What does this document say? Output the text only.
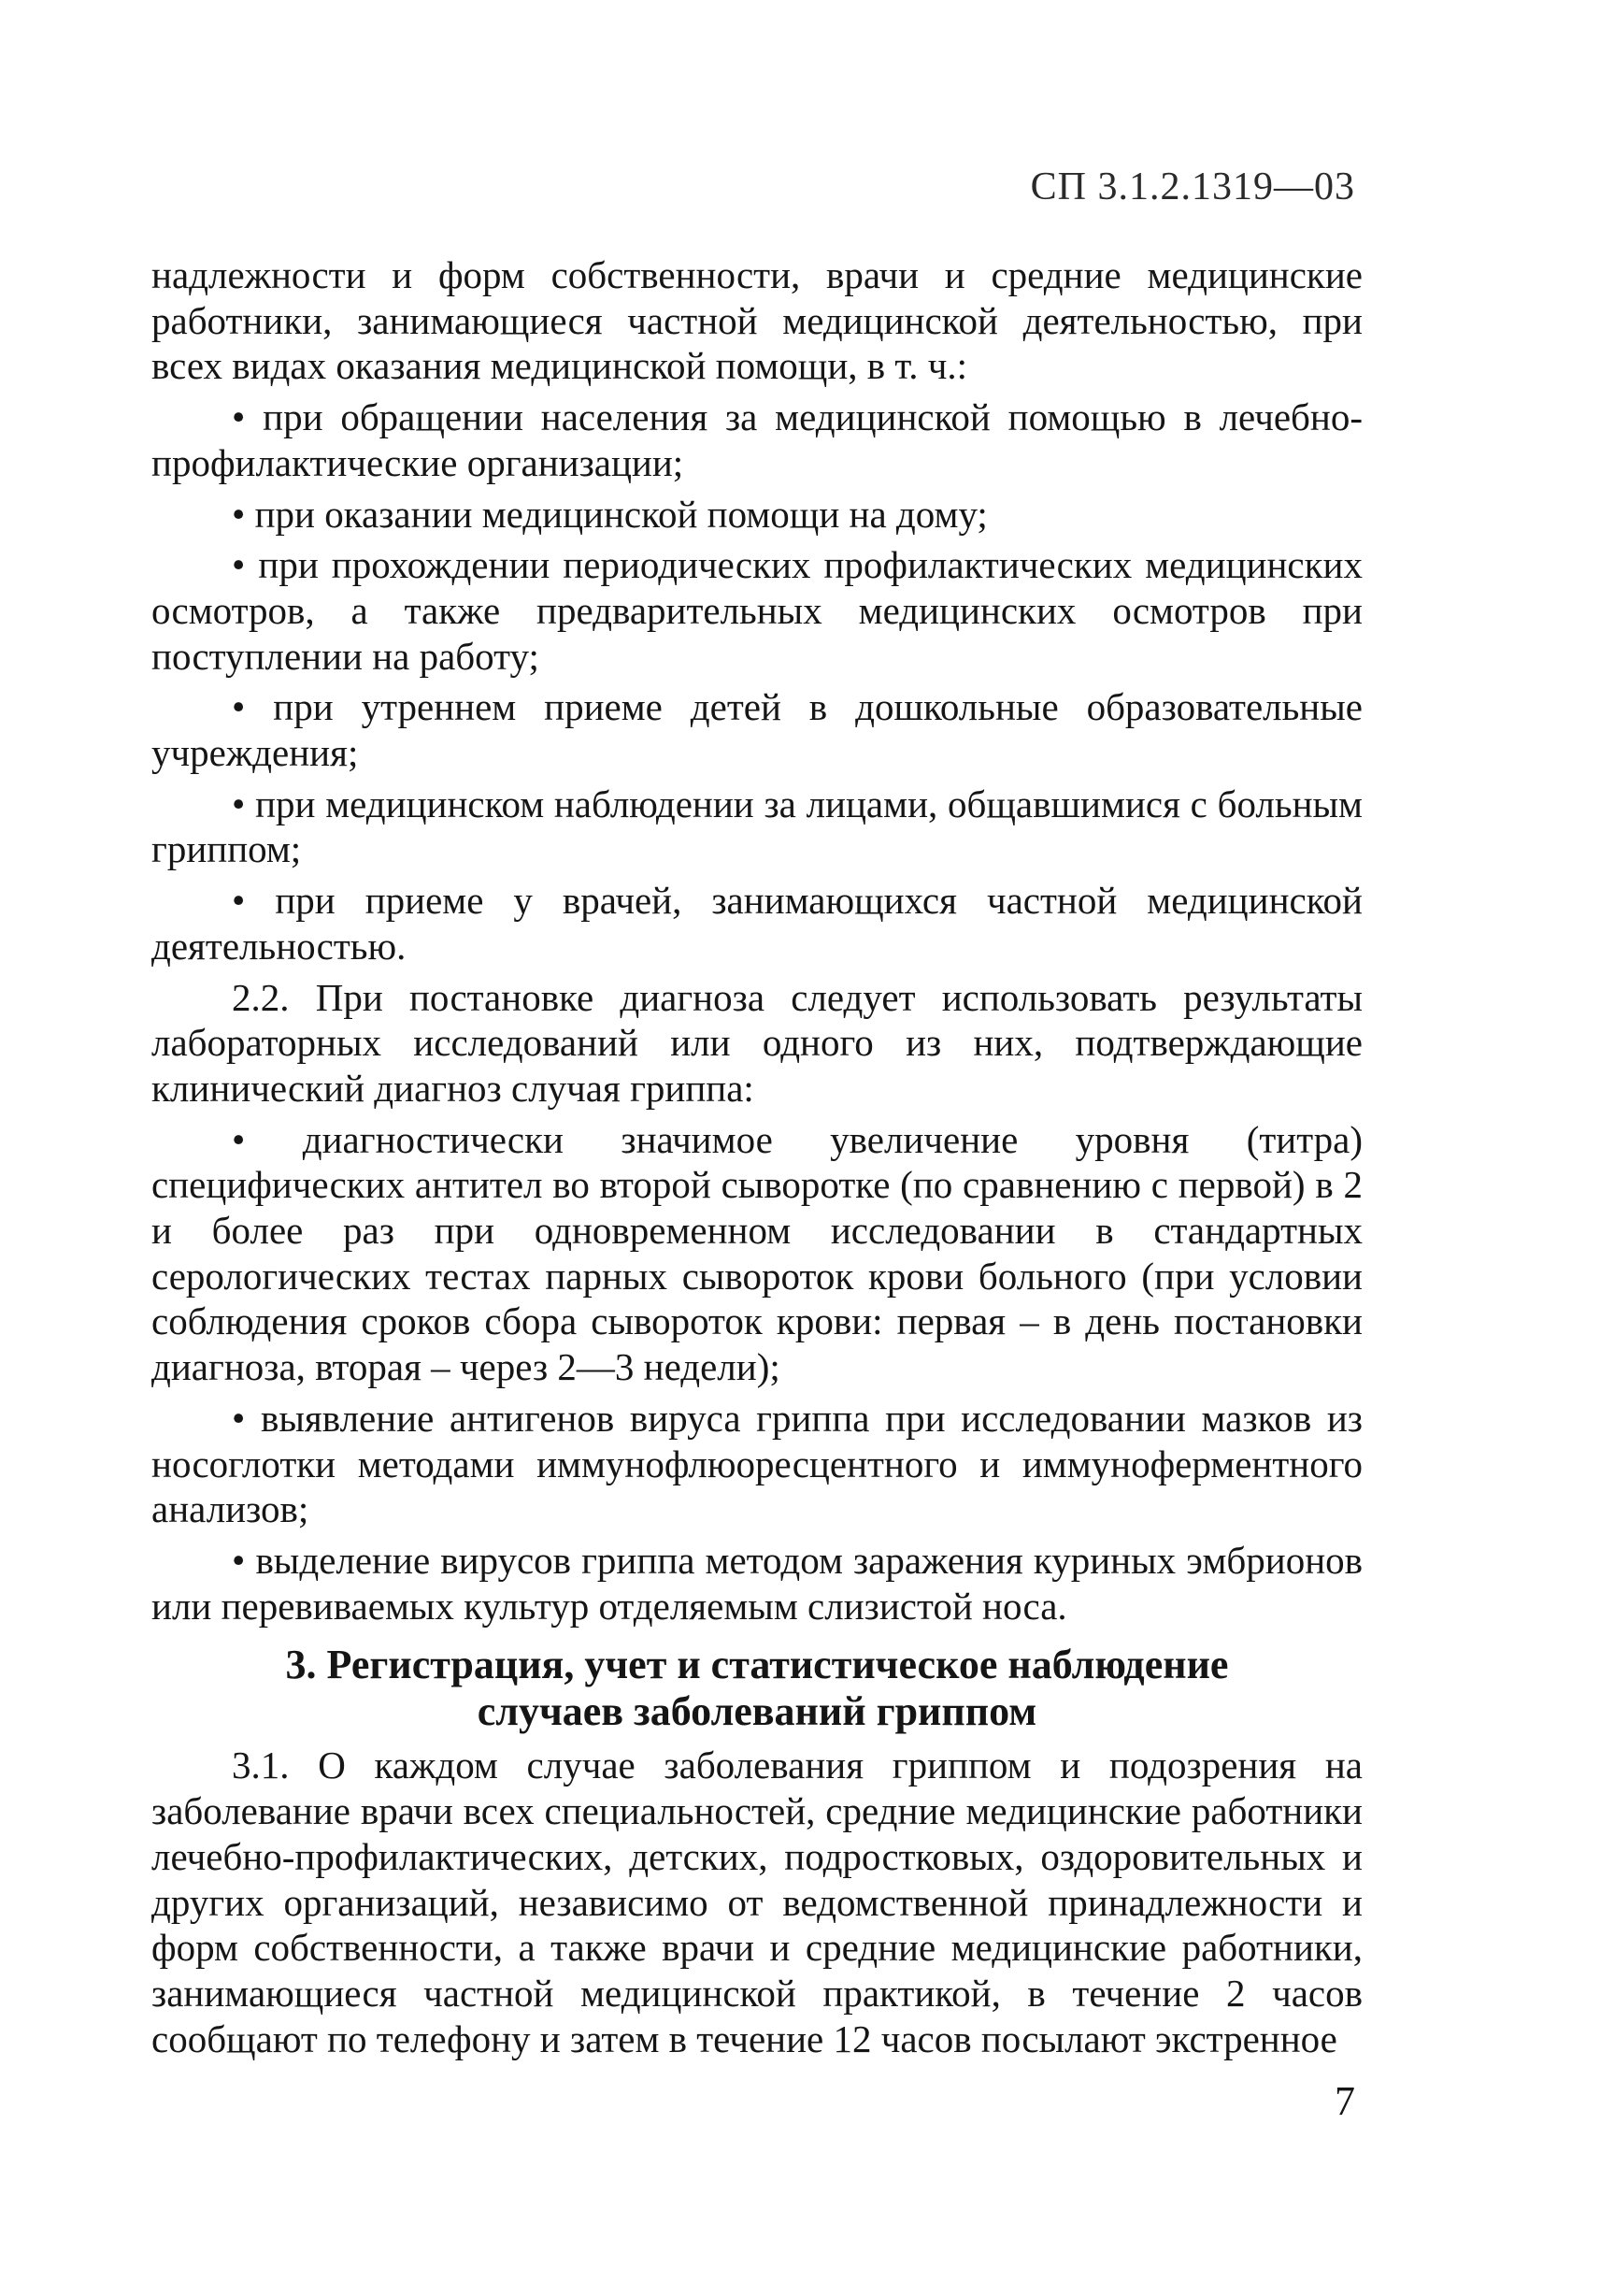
СП 3.1.2.1319—03

надлежности и форм собственности, врачи и средние медицинские работники, занимающиеся частной медицинской деятельностью, при всех видах оказания медицинской помощи, в т. ч.:

• при обращении населения за медицинской помощью в лечебно-профилактические организации;

• при оказании медицинской помощи на дому;

• при прохождении периодических профилактических медицинских осмотров, а также предварительных медицинских осмотров при поступлении на работу;

• при утреннем приеме детей в дошкольные образовательные учреждения;

• при медицинском наблюдении за лицами, общавшимися с больным гриппом;

• при приеме у врачей, занимающихся частной медицинской деятельностью.

2.2. При постановке диагноза следует использовать результаты лабораторных исследований или одного из них, подтверждающие клинический диагноз случая гриппа:

• диагностически значимое увеличение уровня (титра) специфических антител во второй сыворотке (по сравнению с первой) в 2 и более раз при одновременном исследовании в стандартных серологических тестах парных сывороток крови больного (при условии соблюдения сроков сбора сывороток крови: первая – в день постановки диагноза, вторая – через 2—3 недели);

• выявление антигенов вируса гриппа при исследовании мазков из носоглотки методами иммунофлюоресцентного и иммуноферментного анализов;

• выделение вирусов гриппа методом заражения куриных эмбрионов или перевиваемых культур отделяемым слизистой носа.

3. Регистрация, учет и статистическое наблюдение случаев заболеваний гриппом

3.1. О каждом случае заболевания гриппом и подозрения на заболевание врачи всех специальностей, средние медицинские работники лечебно-профилактических, детских, подростковых, оздоровительных и других организаций, независимо от ведомственной принадлежности и форм собственности, а также врачи и средние медицинские работники, занимающиеся частной медицинской практикой, в течение 2 часов сообщают по телефону и затем в течение 12 часов посылают экстренное

7
